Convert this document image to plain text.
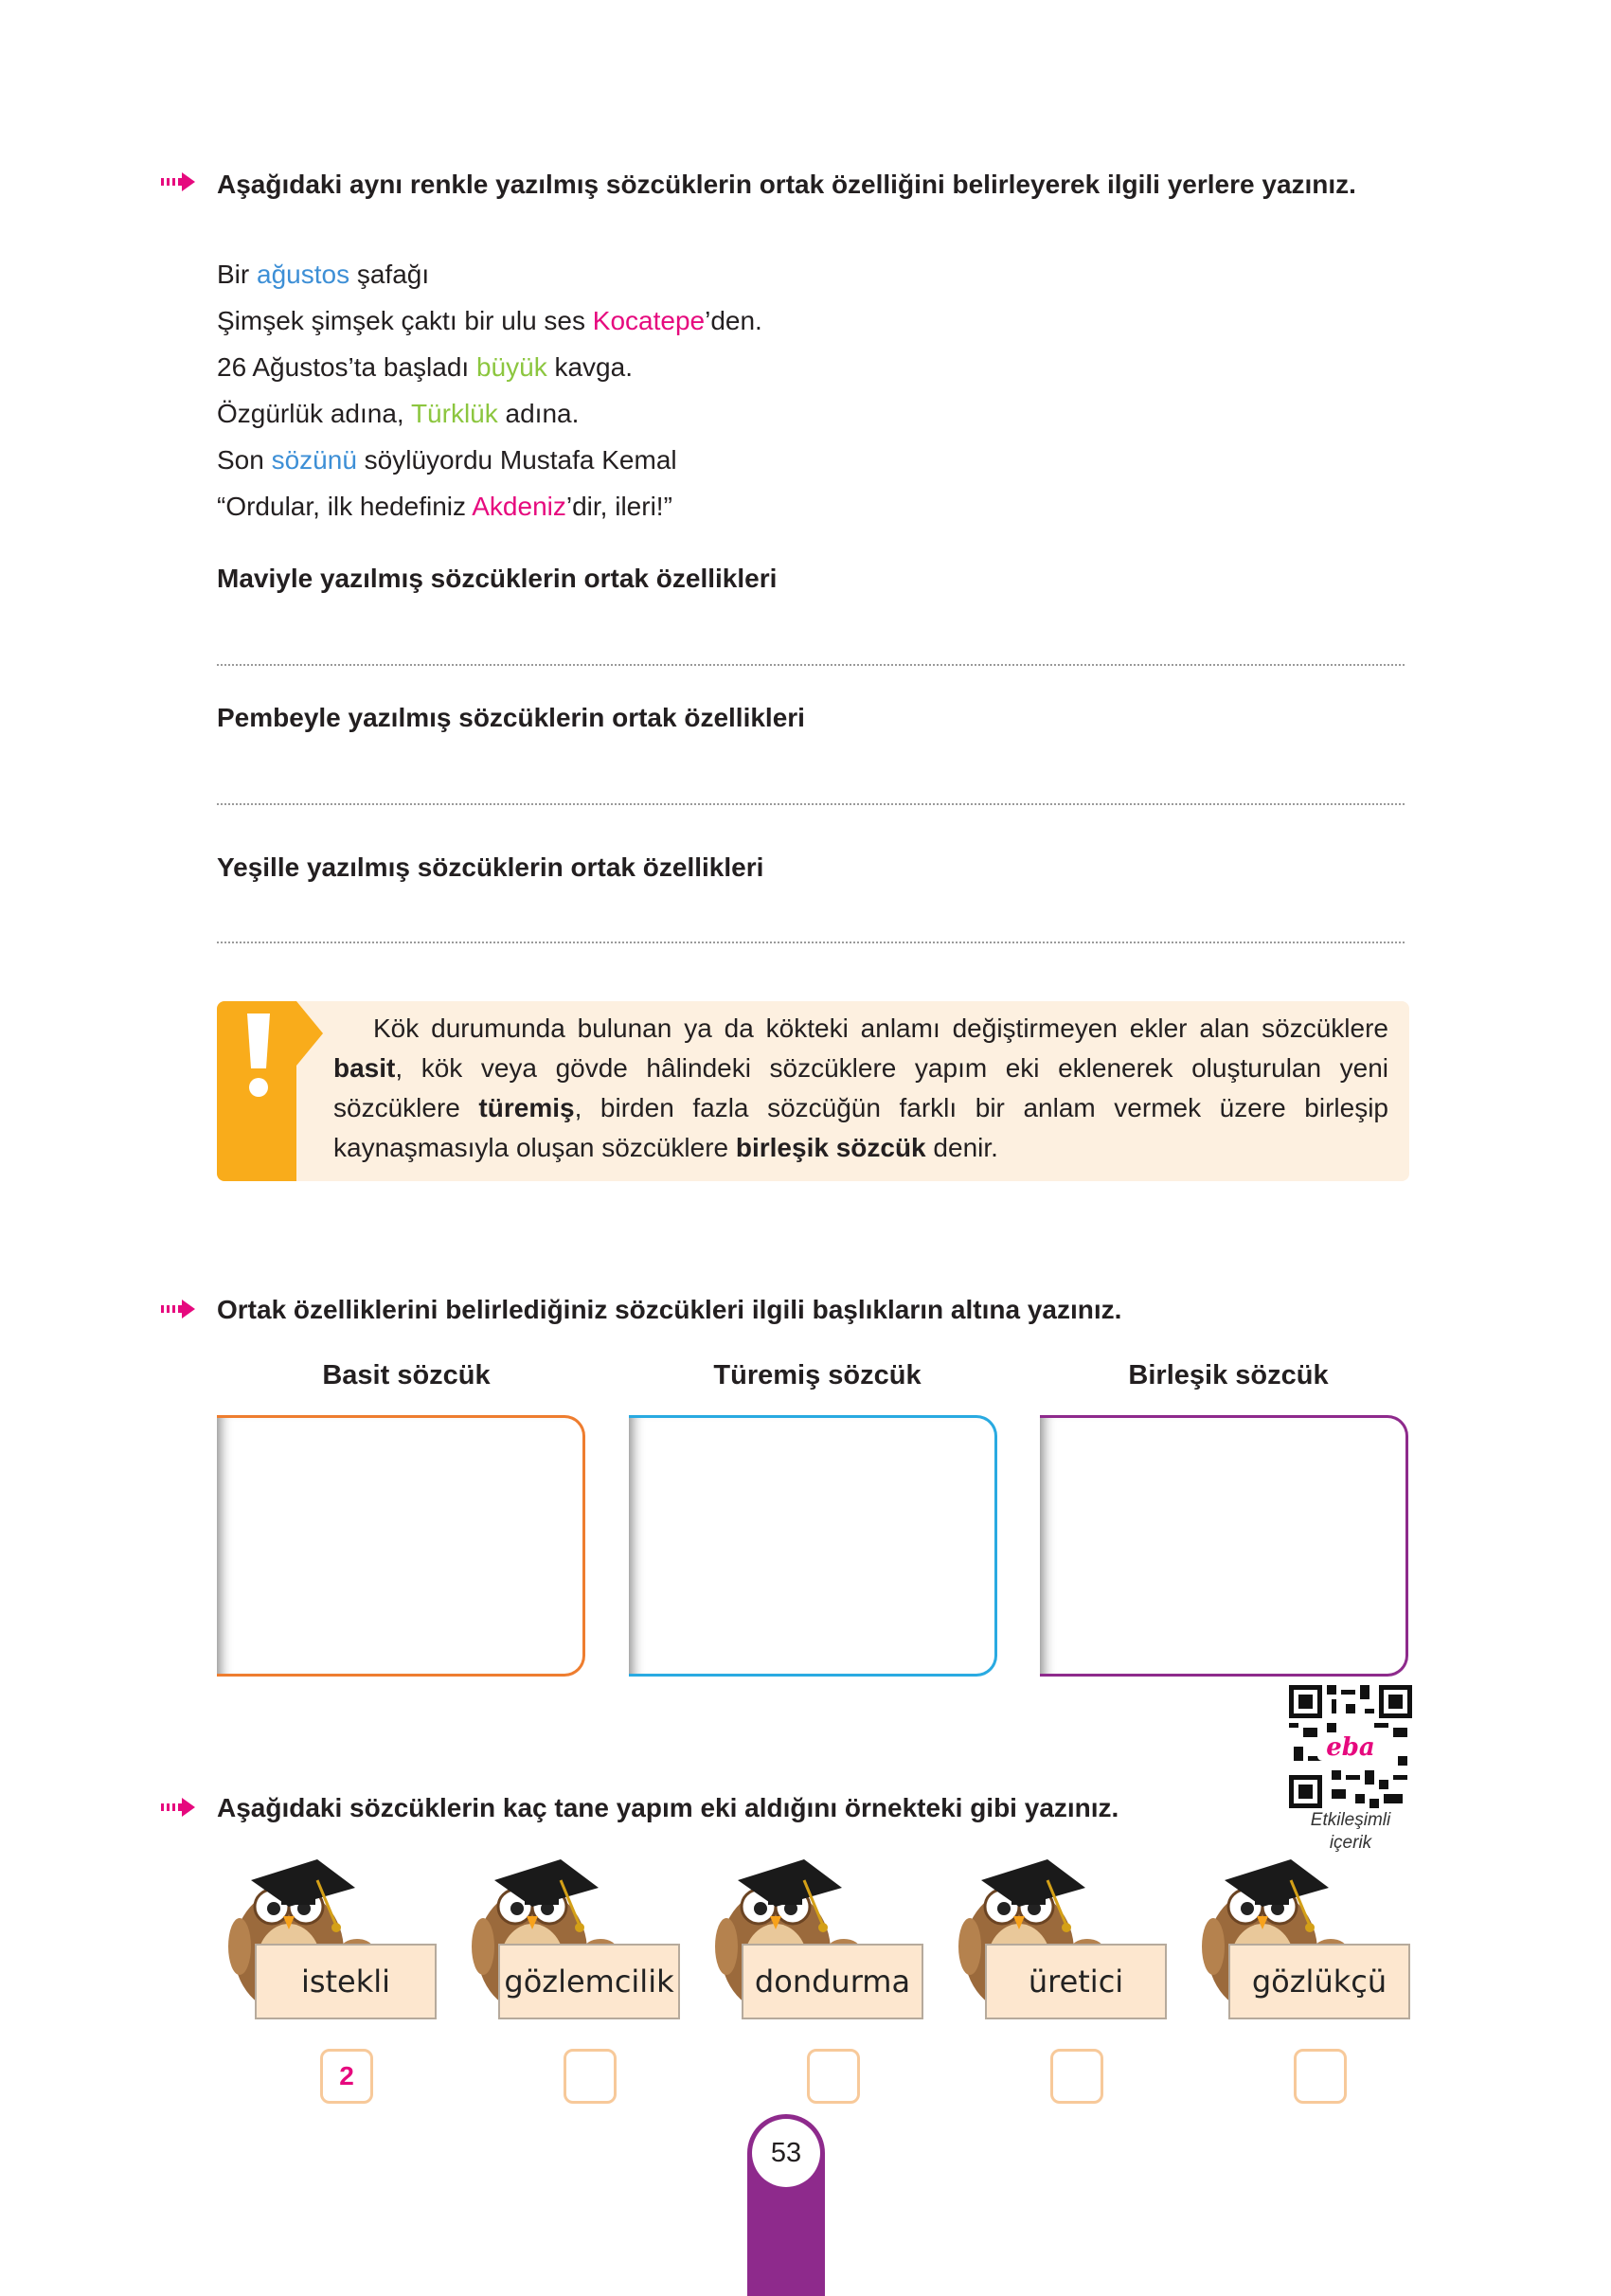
Aşağıdaki aynı renkle yazılmış sözcüklerin ortak özelliğini belirleyerek ilgili yerlere yazınız.
Bir ağustos şafağı
Şimşek şimşek çaktı bir ulu ses Kocatepe’den.
26 Ağustos’ta başladı büyük kavga.
Özgürlük adına, Türklük adına.
Son sözünü söylüyordu Mustafa Kemal
“Ordular, ilk hedefiniz Akdeniz’dir, ileri!”
Maviyle yazılmış sözcüklerin ortak özellikleri
Pembeyle yazılmış sözcüklerin ortak özellikleri
Yeşille yazılmış sözcüklerin ortak özellikleri
Kök durumunda bulunan ya da kökteki anlamı değiştirmeyen ekler alan sözcüklere basit, kök veya gövde hâlindeki sözcüklere yapım eki eklenerek oluşturulan yeni sözcüklere türemiş, birden fazla sözcüğün farklı bir anlam vermek üzere birleşip kaynaşmasıyla oluşan sözcüklere birleşik sözcük denir.
Ortak özelliklerini belirlediğiniz sözcükleri ilgili başlıkların altına yazınız.
Basit sözcük	Türemiş sözcük	Birleşik sözcük
eba
Etkileşimli
içerik
Aşağıdaki sözcüklerin kaç tane yapım eki aldığını örnekteki gibi yazınız.
istekli	gözlemcilik	dondurma	üretici	gözlükçü
2
53
